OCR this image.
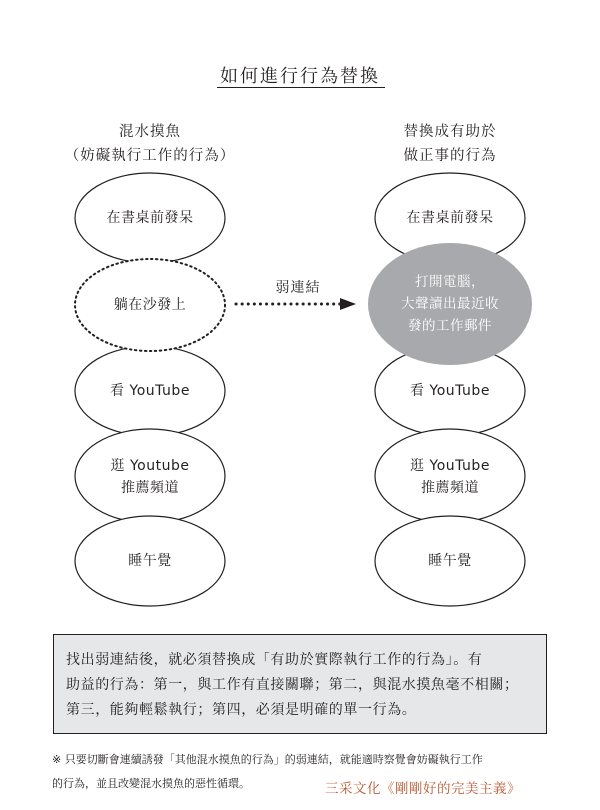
如何進行行為替換
混水摸魚
（妨礙執行工作的行為）
替換成有助於
做正事的行為
在書桌前發呆
躺在沙發上
看 YouTube
逛 Youtube
推薦頻道
睡午覺
在書桌前發呆
打開電腦，
大聲讀出最近收
發的工作郵件
看 YouTube
逛 YouTube
推薦頻道
睡午覺
弱連結
找出弱連結後，就必須替換成「有助於實際執行工作的行為」。有
助益的行為：第一，與工作有直接關聯；第二，與混水摸魚毫不相關；
第三，能夠輕鬆執行；第四，必須是明確的單一行為。
※ 只要切斷會連續誘發「其他混水摸魚的行為」的弱連結，就能適時察覺會妨礙執行工作
的行為，並且改變混水摸魚的惡性循環。	三采文化《剛剛好的完美主義》
